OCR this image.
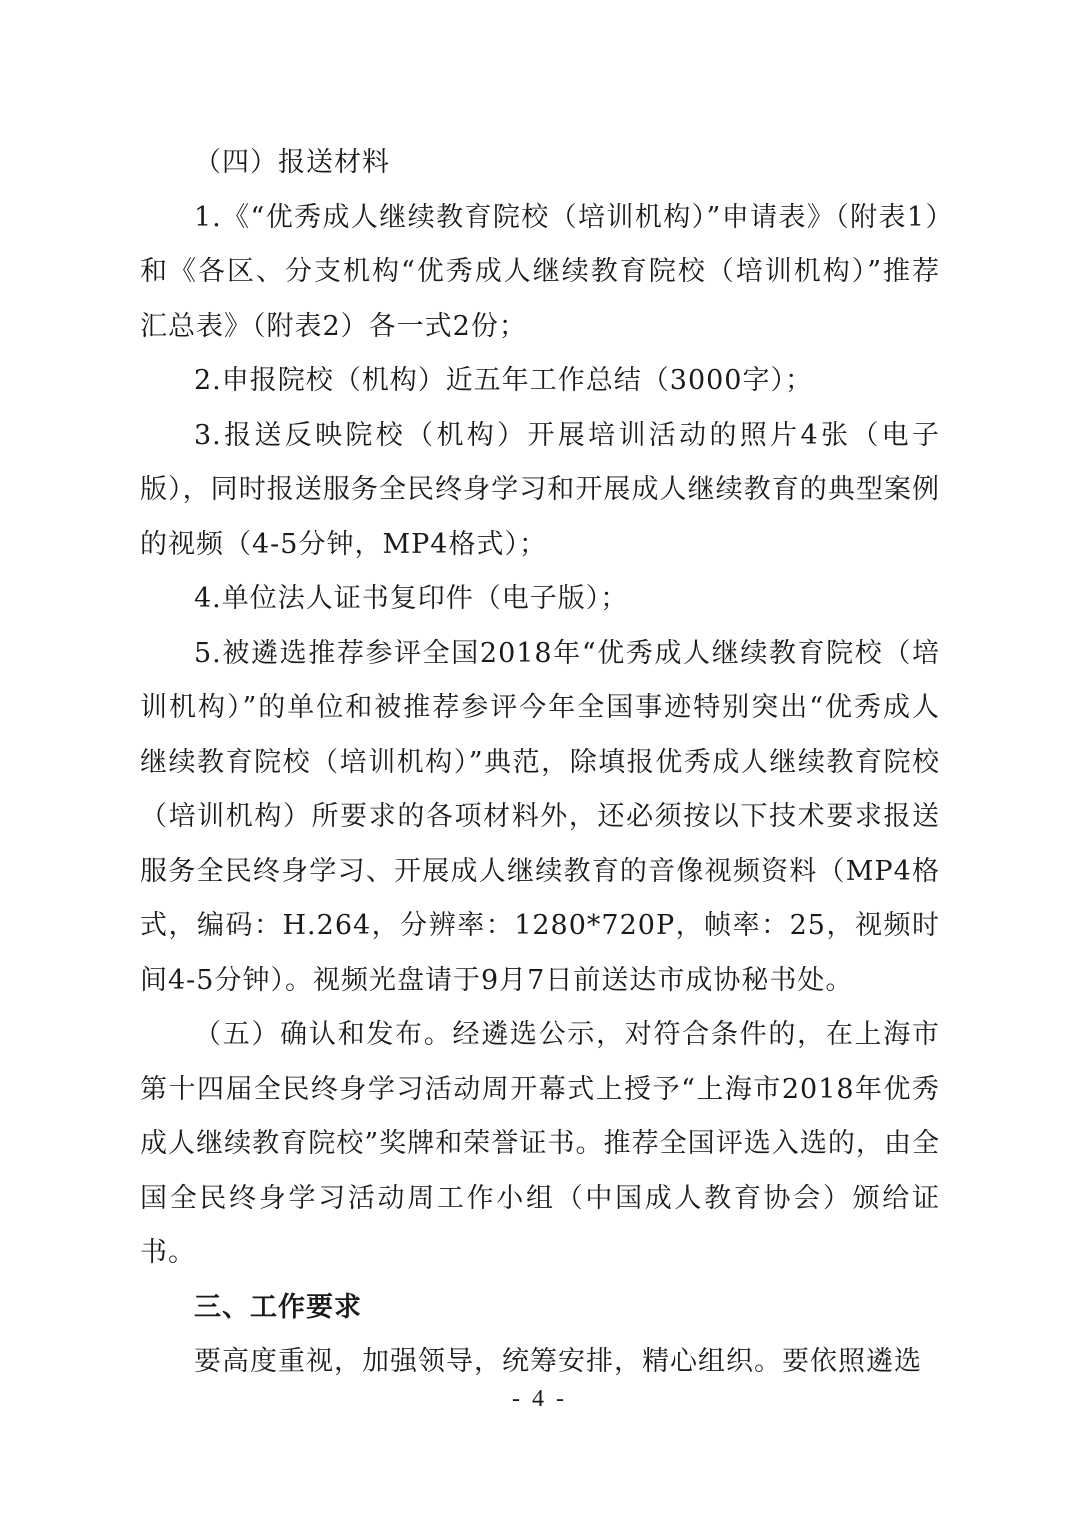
（四）报送材料

1.《“优秀成人继续教育院校（培训机构）”申请表》（附表1）和《各区、分支机构“优秀成人继续教育院校（培训机构）”推荐汇总表》（附表2）各一式2份；

2.申报院校（机构）近五年工作总结（3000字）；

3.报送反映院校（机构）开展培训活动的照片4张（电子版），同时报送服务全民终身学习和开展成人继续教育的典型案例的视频（4-5分钟，MP4格式）；

4.单位法人证书复印件（电子版）；

5.被遴选推荐参评全国2018年“优秀成人继续教育院校（培训机构）”的单位和被推荐参评今年全国事迹特别突出“优秀成人继续教育院校（培训机构）”典范，除填报优秀成人继续教育院校（培训机构）所要求的各项材料外，还必须按以下技术要求报送服务全民终身学习、开展成人继续教育的音像视频资料（MP4格式，编码：H.264，分辨率：1280*720P，帧率：25，视频时间4-5分钟）。视频光盘请于9月7日前送达市成协秘书处。

（五）确认和发布。经遴选公示，对符合条件的，在上海市第十四届全民终身学习活动周开幕式上授予“上海市2018年优秀成人继续教育院校”奖牌和荣誉证书。推荐全国评选入选的，由全国全民终身学习活动周工作小组（中国成人教育协会）颁给证书。

三、工作要求

要高度重视，加强领导，统筹安排，精心组织。要依照遴选

- 4 -
